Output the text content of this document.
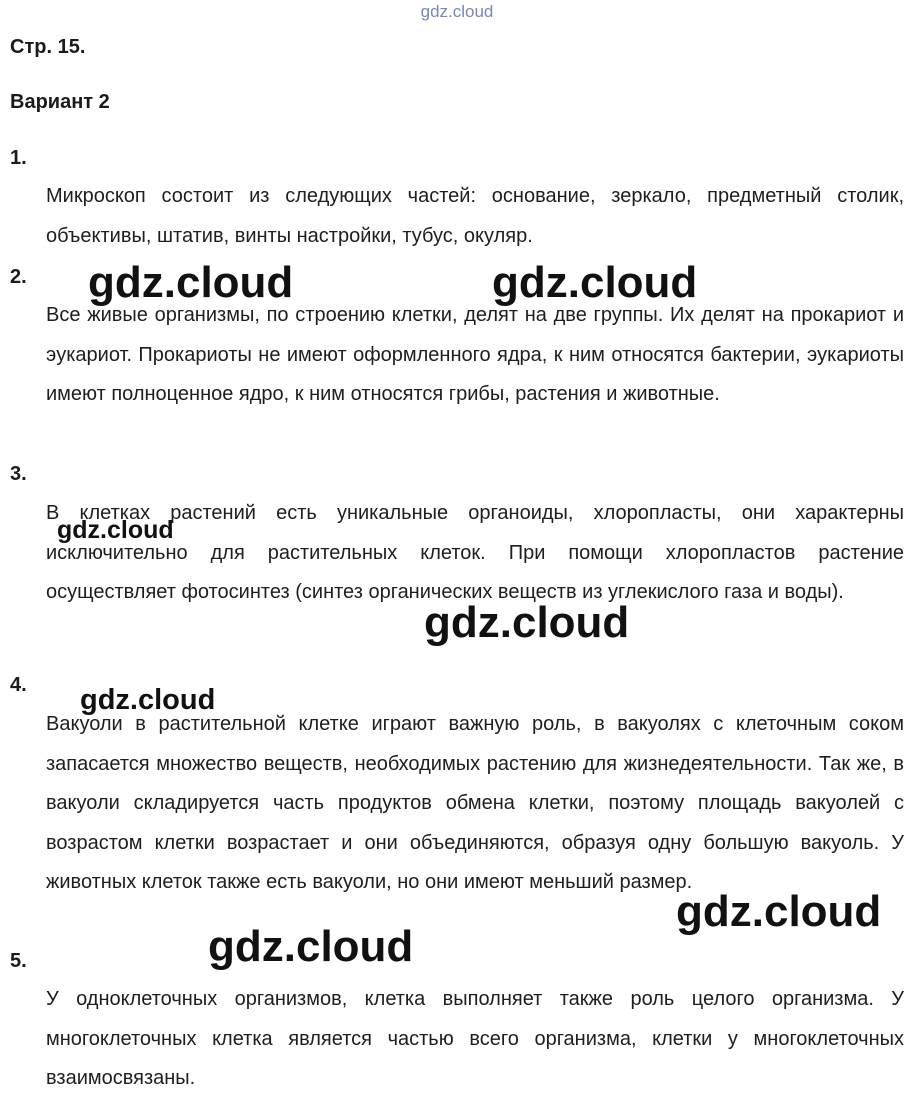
gdz.cloud
Стр. 15.
Вариант 2
1.
Микроскоп состоит из следующих частей: основание, зеркало, предметный столик, объективы, штатив, винты настройки, тубус, окуляр.
2.
Все живые организмы, по строению клетки, делят на две группы. Их делят на прокариот и эукариот. Прокариоты не имеют оформленного ядра, к ним относятся бактерии, эукариоты имеют полноценное ядро, к ним относятся грибы, растения и животные.
3.
В клетках растений есть уникальные органоиды, хлоропласты, они характерны исключительно для растительных клеток. При помощи хлоропластов растение осуществляет фотосинтез (синтез органических веществ из углекислого газа и воды).
4.
Вакуоли в растительной клетке играют важную роль, в вакуолях с клеточным соком запасается множество веществ, необходимых растению для жизнедеятельности. Так же, в вакуоли складируется часть продуктов обмена клетки, поэтому площадь вакуолей с возрастом клетки возрастает и они объединяются, образуя одну большую вакуоль. У животных клеток также есть вакуоли, но они имеют меньший размер.
5.
У одноклеточных организмов, клетка выполняет также роль целого организма. У многоклеточных клетка является частью всего организма, клетки у многоклеточных взаимосвязаны.
gdz.cloud	gdz.cloud
gdz.cloud
gdz.cloud
gdz.cloud
gdz.cloud
gdz.cloud
